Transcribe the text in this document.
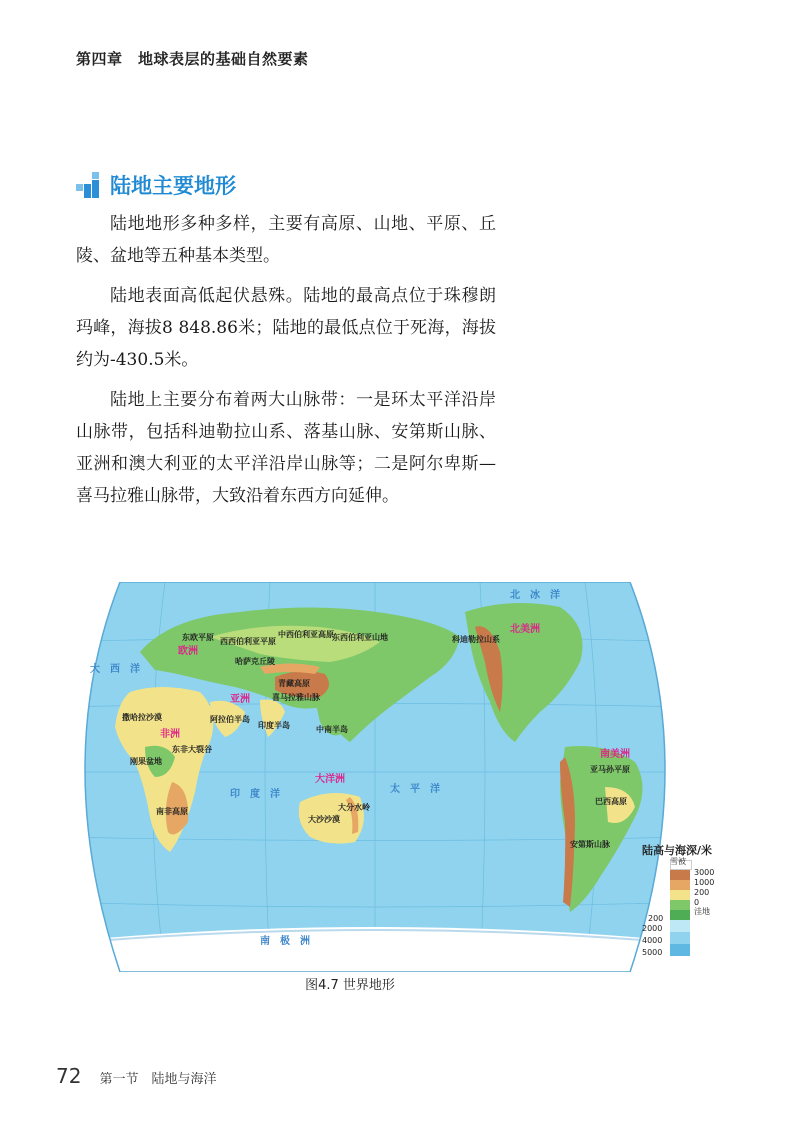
第四章　地球表层的基础自然要素
陆地主要地形

陆地地形多种多样，主要有高原、山地、平原、丘陵、盆地等五种基本类型。

陆地表面高低起伏悬殊。陆地的最高点位于珠穆朗玛峰，海拔8 848.86米；陆地的最低点位于死海，海拔约为-430.5米。

陆地上主要分布着两大山脉带：一是环太平洋沿岸山脉带，包括科迪勒拉山系、落基山脉、安第斯山脉、亚洲和澳大利亚的太平洋沿岸山脉等；二是阿尔卑斯—喜马拉雅山脉带，大致沿着东西方向延伸。

东欧平原 西西伯利亚平原
中西伯利亚高原
东西伯利亚山地
哈萨克丘陵
青藏高原
喜马拉雅山脉
撒哈拉沙漠	阿拉伯半岛
印度半岛	中南半岛
刚果盆地
东非大裂谷
南非高原
大沙沙漠
大分水岭
亚马孙平原
巴西高原
安第斯山脉
科迪勒拉山系
欧洲
亚洲
非洲
大洋洲
北美洲
南美洲
北冰洋
太平洋
印度洋
大西洋
南极洲
陆高与海深/米
雪被
3000
1000
200
0
洼地
200
2000
4000
5000
图4.7 世界地形
72 第一节　陆地与海洋
